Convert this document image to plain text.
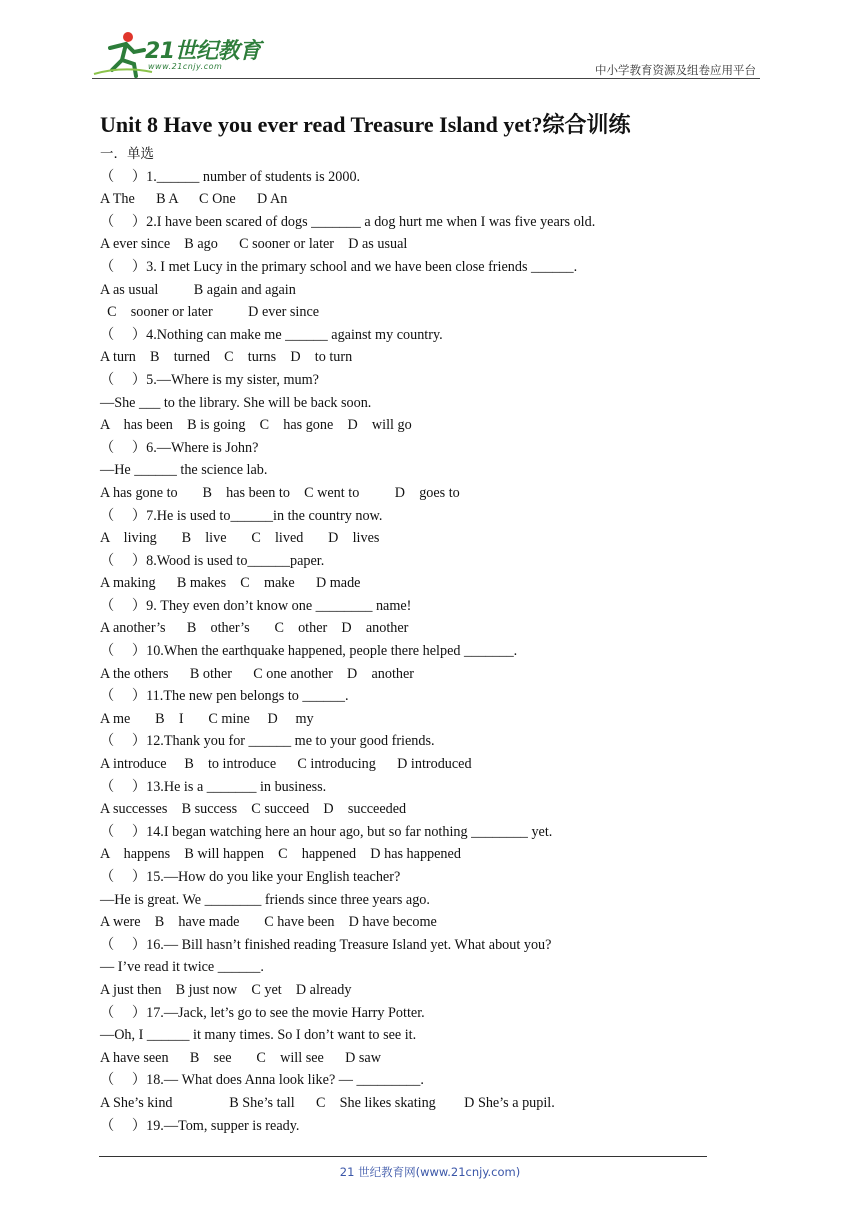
21世纪教育
www.21cnjy.com	中小学教育资源及组卷应用平台
Unit 8 Have you ever read Treasure Island yet?综合训练
一．单选
（     ）1.______ number of students is 2000.
A The      B A      C One      D An
（     ）2.I have been scared of dogs _______ a dog hurt me when I was five years old.
A ever since    B ago      C sooner or later    D as usual
（     ）3. I met Lucy in the primary school and we have been close friends ______.
A as usual          B again and again
C    sooner or later          D ever since
（     ）4.Nothing can make me ______ against my country.
A turn    B    turned    C    turns    D    to turn
（     ）5.—Where is my sister, mum?
—She ___ to the library. She will be back soon.
A    has been    B is going    C    has gone    D    will go
（     ）6.—Where is John?
—He ______ the science lab.
A has gone to       B    has been to    C went to          D    goes to
（     ）7.He is used to______in the country now.
A    living       B    live       C    lived       D    lives
（     ）8.Wood is used to______paper.
A making      B makes    C    make      D made
（     ）9. They even don’t know one ________ name!
A another’s      B    other’s       C    other    D    another
（     ）10.When the earthquake happened, people there helped _______.
A the others      B other      C one another    D    another
（     ）11.The new pen belongs to ______.
A me       B    I       C mine     D     my
（     ）12.Thank you for ______ me to your good friends.
A introduce     B    to introduce      C introducing      D introduced
（     ）13.He is a _______ in business.
A successes    B success    C succeed    D    succeeded
（     ）14.I began watching here an hour ago, but so far nothing ________ yet.
A    happens    B will happen    C    happened    D has happened
（     ）15.—How do you like your English teacher?
—He is great. We ________ friends since three years ago.
A were    B    have made       C have been    D have become
（     ）16.— Bill hasn’t finished reading Treasure Island yet. What about you?
— I’ve read it twice ______.
A just then    B just now    C yet    D already
（     ）17.—Jack, let’s go to see the movie Harry Potter.
—Oh, I ______ it many times. So I don’t want to see it.
A have seen      B    see       C    will see      D saw
（     ）18.— What does Anna look like? — _________.
A She’s kind                B She’s tall      C    She likes skating        D She’s a pupil.
（     ）19.—Tom, supper is ready.
21 世纪教育网(www.21cnjy.com)
